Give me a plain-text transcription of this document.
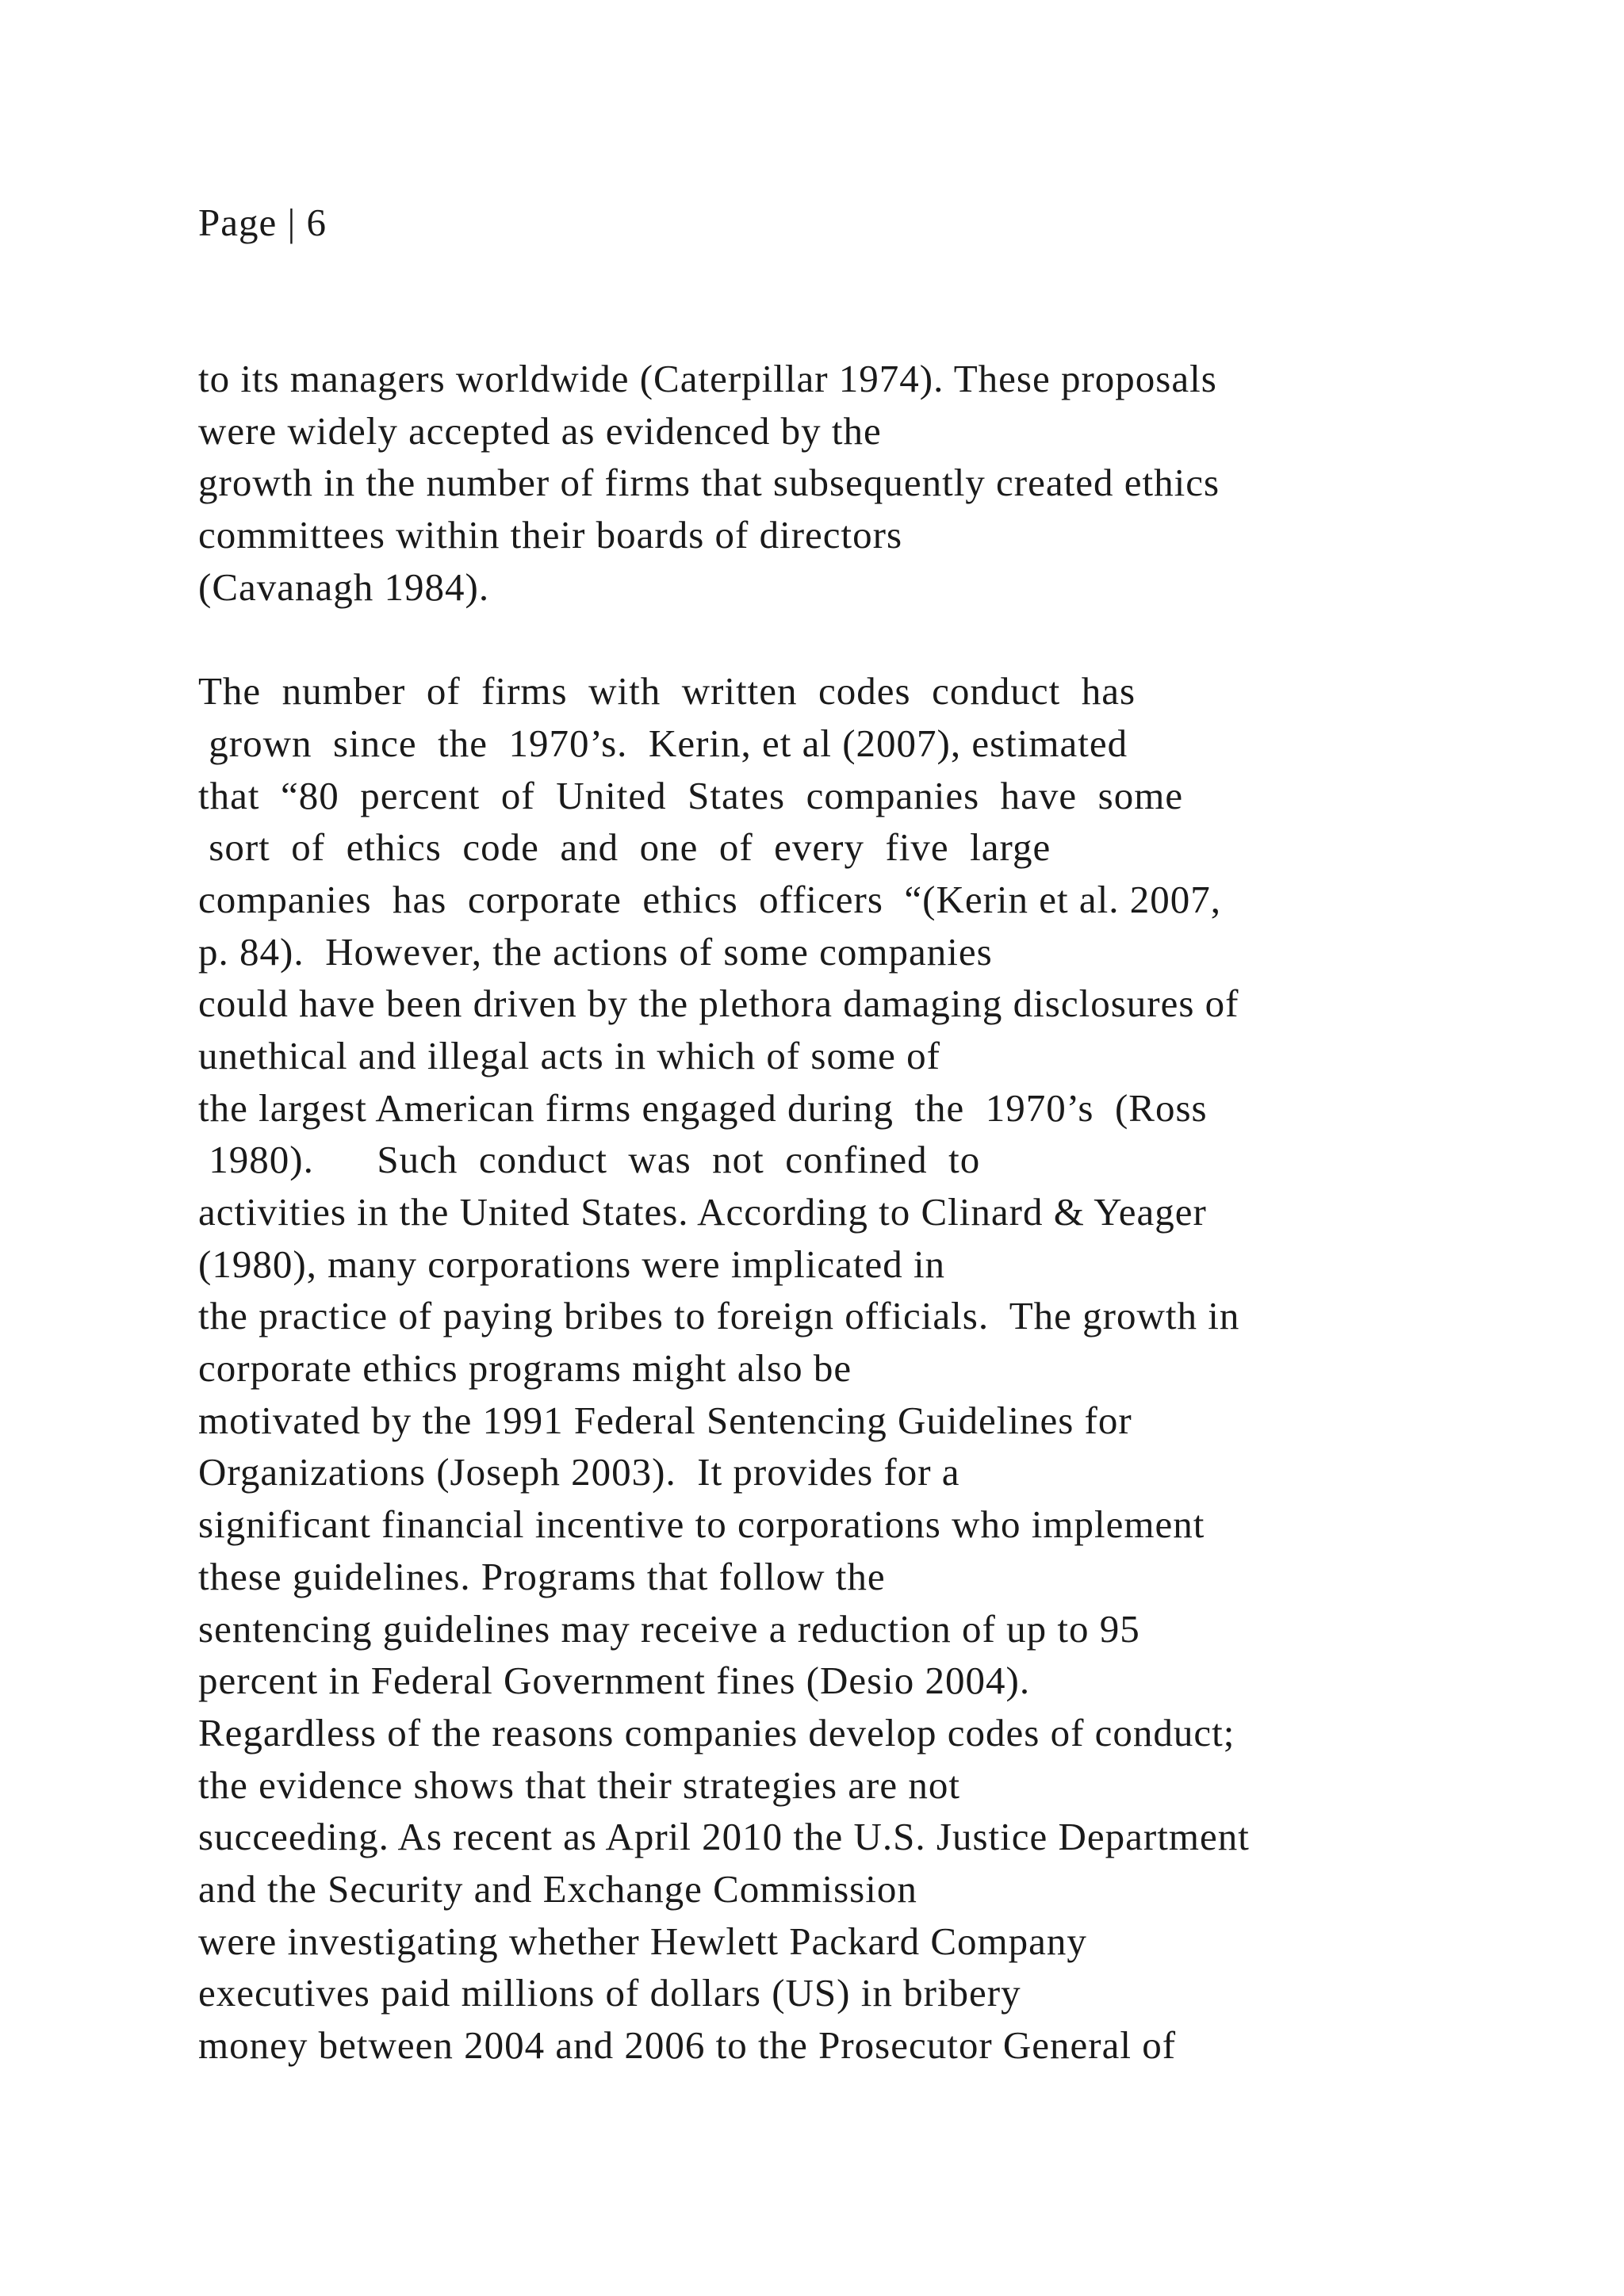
Page | 6
to its managers worldwide (Caterpillar 1974). These proposals
were widely accepted as evidenced by the
growth in the number of firms that subsequently created ethics
committees within their boards of directors
(Cavanagh 1984).
The  number  of  firms  with  written  codes  conduct  has
grown  since  the  1970’s.  Kerin, et al (2007), estimated
that  “80  percent  of  United  States  companies  have  some
sort  of  ethics  code  and  one  of  every  five  large
companies  has  corporate  ethics  officers  “(Kerin et al. 2007,
p. 84).  However, the actions of some companies
could have been driven by the plethora damaging disclosures of
unethical and illegal acts in which of some of
the largest American firms engaged during  the  1970’s  (Ross
1980).      Such  conduct  was  not  confined  to
activities in the United States. According to Clinard & Yeager
(1980), many corporations were implicated in
the practice of paying bribes to foreign officials.  The growth in
corporate ethics programs might also be
motivated by the 1991 Federal Sentencing Guidelines for
Organizations (Joseph 2003).  It provides for a
significant financial incentive to corporations who implement
these guidelines. Programs that follow the
sentencing guidelines may receive a reduction of up to 95
percent in Federal Government fines (Desio 2004).
Regardless of the reasons companies develop codes of conduct;
the evidence shows that their strategies are not
succeeding. As recent as April 2010 the U.S. Justice Department
and the Security and Exchange Commission
were investigating whether Hewlett Packard Company
executives paid millions of dollars (US) in bribery
money between 2004 and 2006 to the Prosecutor General of
